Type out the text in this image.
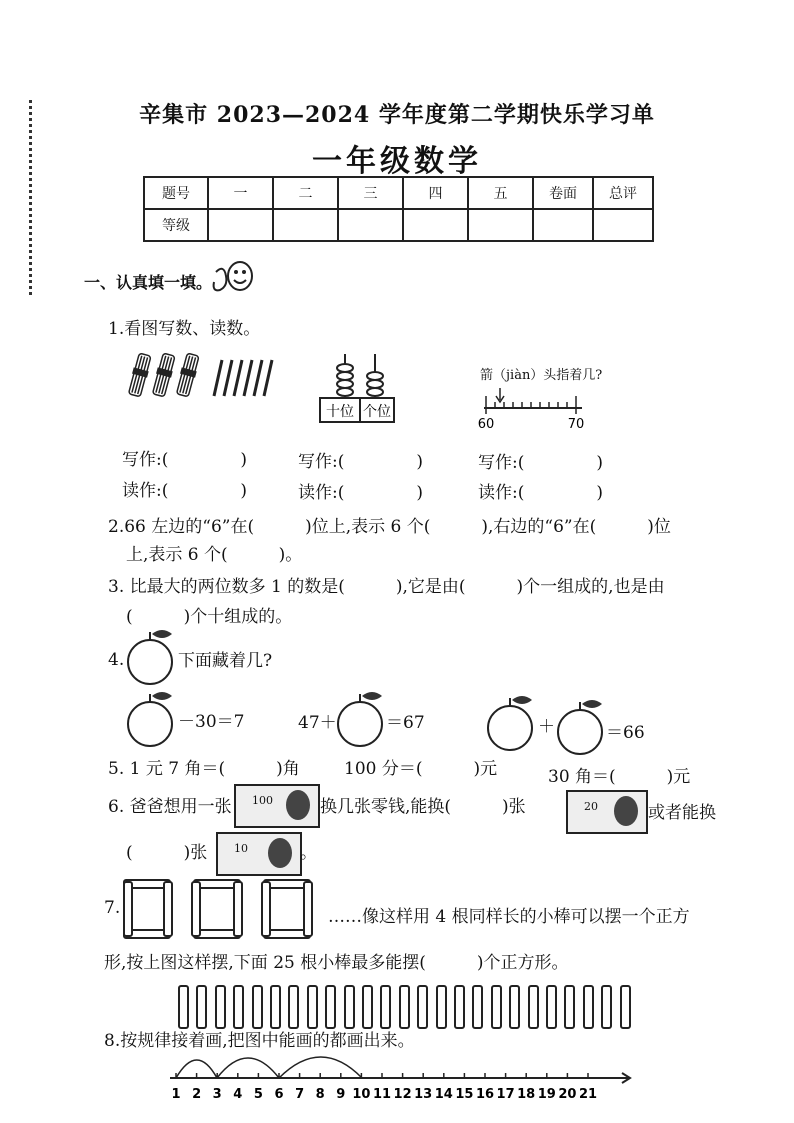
辛集市 2023—2024 学年度第二学期快乐学习单
一年级数学
题号	一	二	三	四	五	卷面	总评
等级							
一、认真填一填。
1.看图写数、读数。
十位 个位
箭（jiàn）头指着几?
60	70
写作:(	)	写作:(	)	写作:(	)
读作:(	)	读作:(	)	读作:(	)
2.66 左边的“6”在(　　　)位上,表示 6 个(　　　),右边的“6”在(　　　)位
上,表示 6 个(　　　)。
3. 比最大的两位数多 1 的数是(　　　),它是由(　　　)个一组成的,也是由
(　　　)个十组成的。
4.	下面藏着几?
－30＝7	47＋	＝67	＋	＝66
5. 1 元 7 角＝(　　　)角	100 分＝(　　　)元	30 角＝(　　　)元
6. 爸爸想用一张 100	换几张零钱,能换(　　　)张	20	或者能换
(　　　)张 10	。
7.	……像这样用 4 根同样长的小棒可以摆一个正方
形,按上图这样摆,下面 25 根小棒最多能摆(　　　)个正方形。
8.按规律接着画,把图中能画的都画出来。
1 2 3 4 5 6 7 8 9 10 11 12 13 14 15 16 17 18 19 20 21
